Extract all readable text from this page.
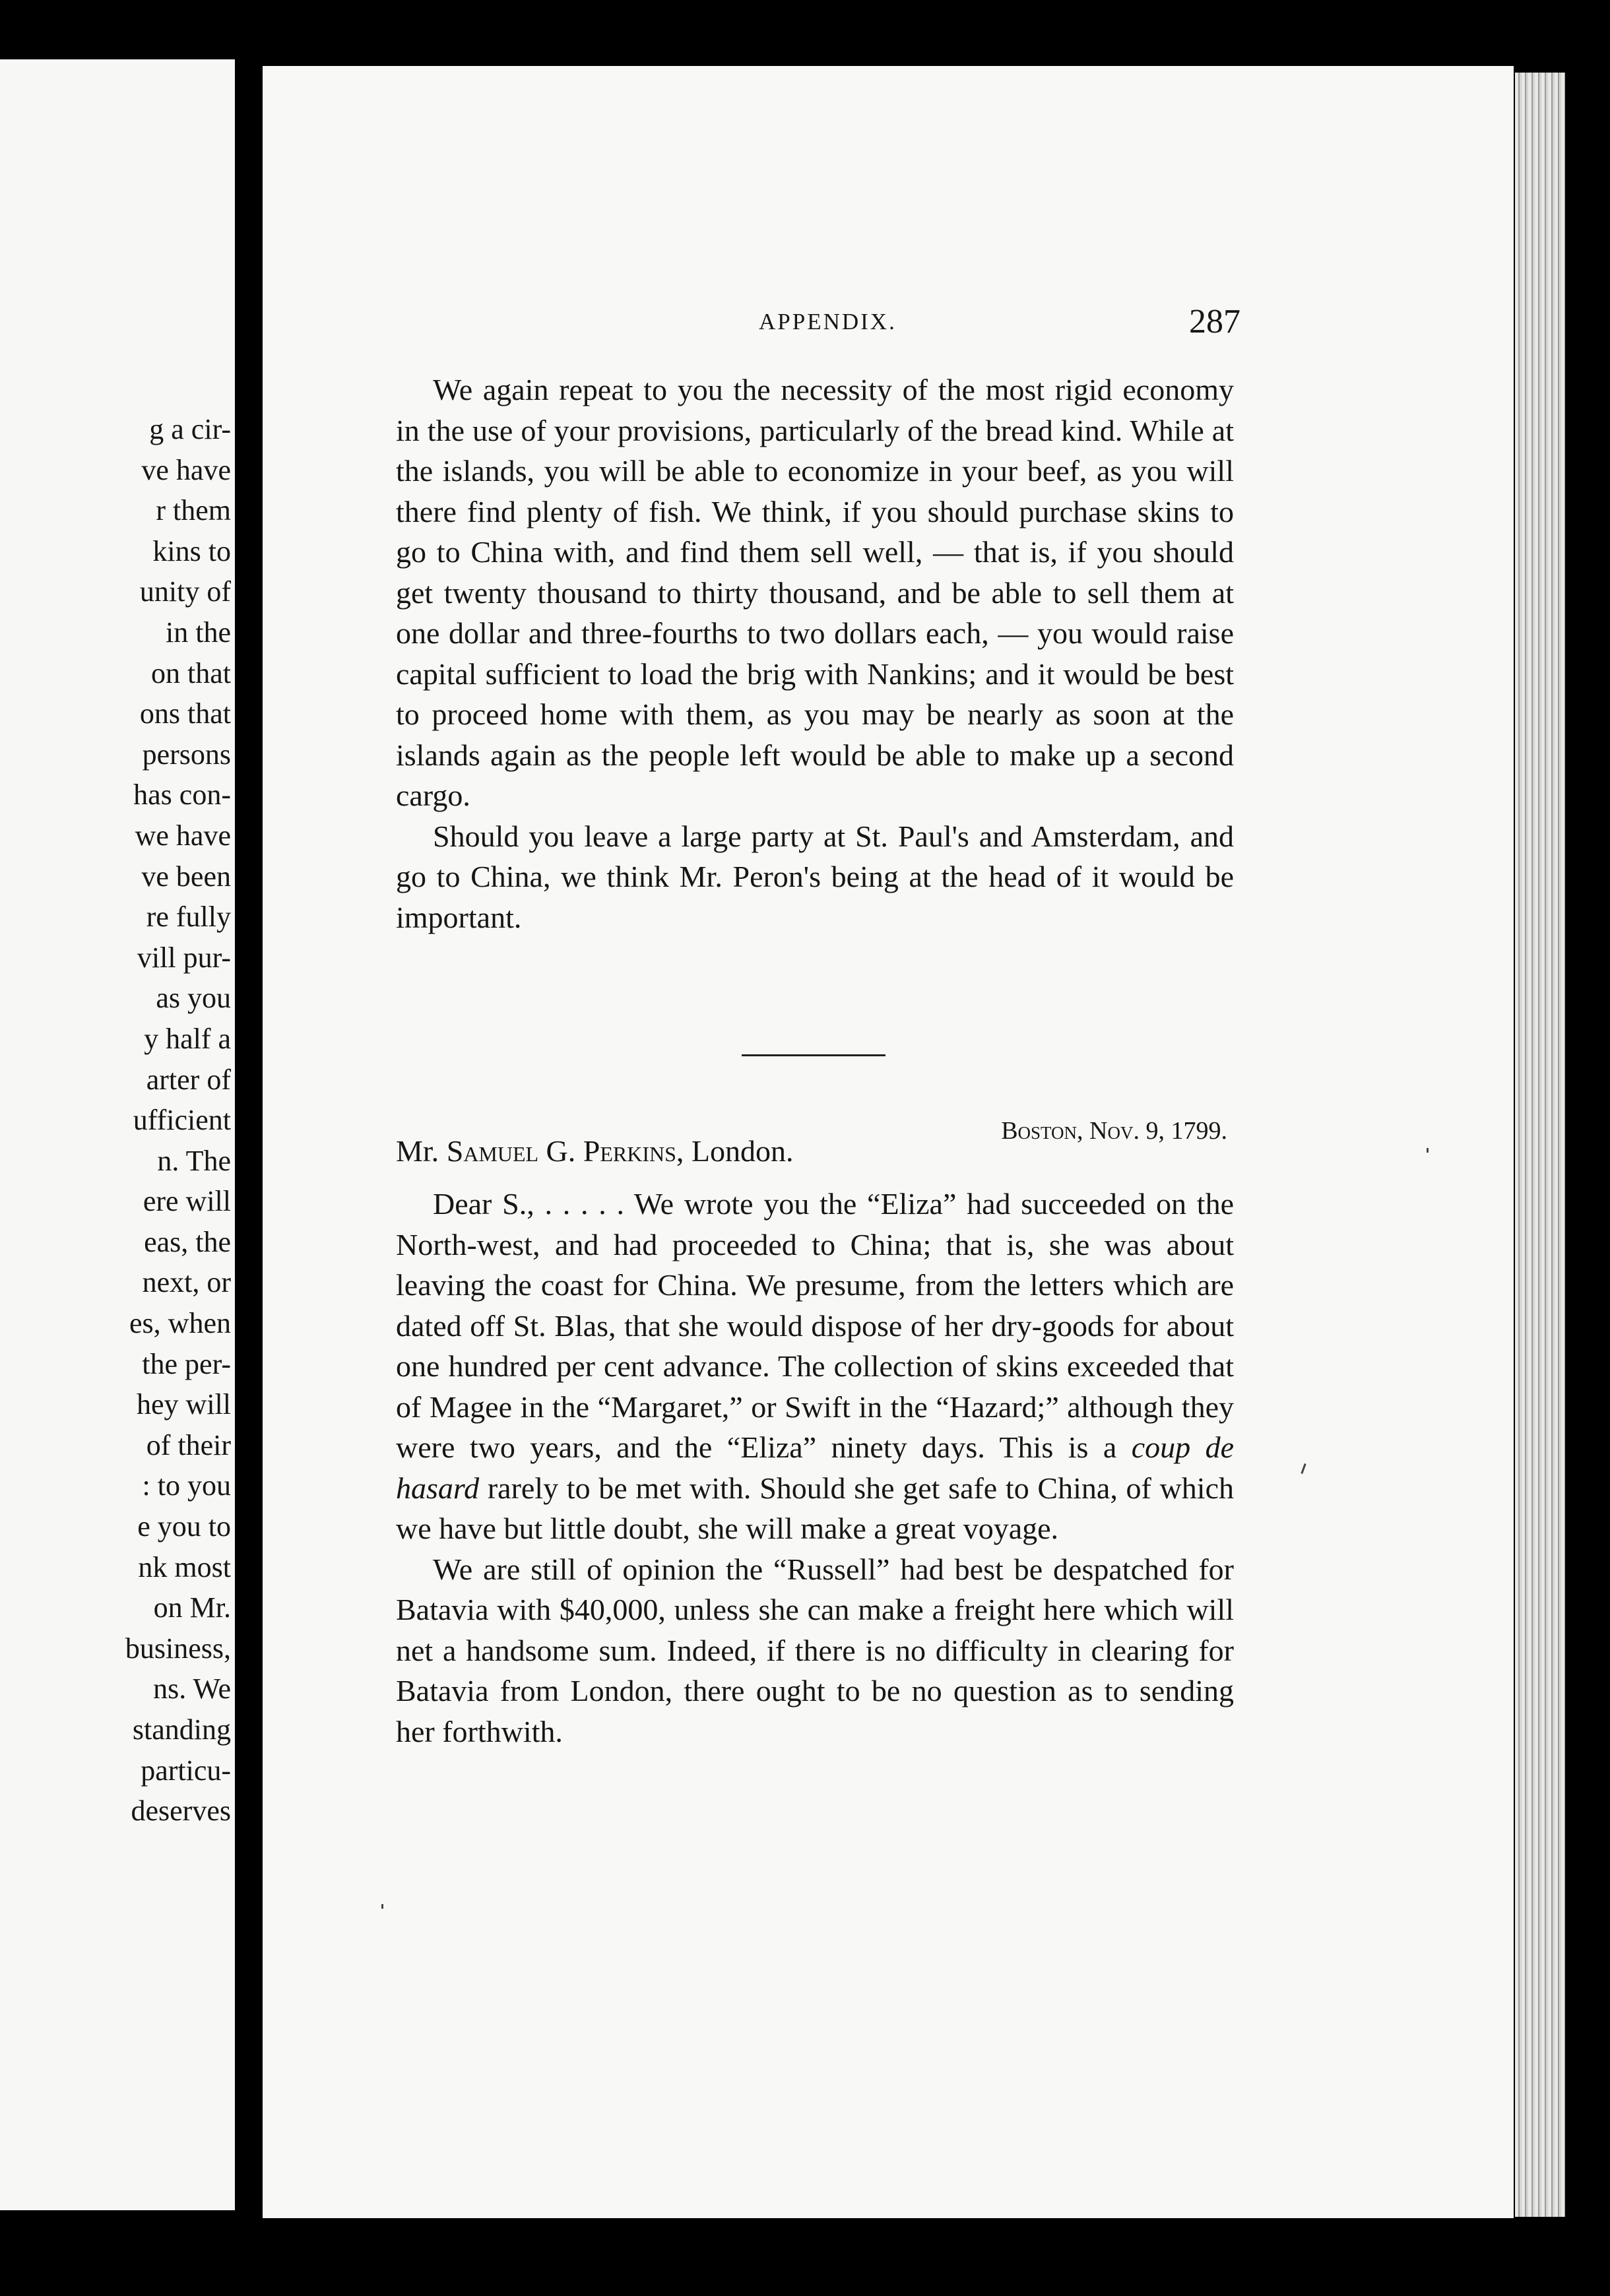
g a cir-
ve have
r them
kins to
unity of
in the
on that
ons that
persons
has con-
we have
ve been
re fully
vill pur-
as you
y half a
arter of
ufficient
n. The
ere will
eas, the
next, or
es, when
the per-
hey will
of their
: to you
e you to
nk most
on Mr.
business,
ns. We
standing
particu-
deserves
APPENDIX.	287

We again repeat to you the necessity of the most rigid economy in the use of your provisions, particularly of the bread kind. While at the islands, you will be able to economize in your beef, as you will there find plenty of fish. We think, if you should purchase skins to go to China with, and find them sell well, — that is, if you should get twenty thousand to thirty thousand, and be able to sell them at one dollar and three-fourths to two dollars each, — you would raise capital sufficient to load the brig with Nankins; and it would be best to proceed home with them, as you may be nearly as soon at the islands again as the people left would be able to make up a second cargo.

Should you leave a large party at St. Paul's and Amsterdam, and go to China, we think Mr. Peron's being at the head of it would be important.

Boston, Nov. 9, 1799.
Mr. Samuel G. Perkins, London.

Dear S., . . . . . We wrote you the “Eliza” had succeeded on the North-west, and had proceeded to China; that is, she was about leaving the coast for China. We presume, from the letters which are dated off St. Blas, that she would dispose of her dry-goods for about one hundred per cent advance. The collection of skins exceeded that of Magee in the “Margaret,” or Swift in the “Hazard;” although they were two years, and the “Eliza” ninety days. This is a coup de hasard rarely to be met with. Should she get safe to China, of which we have but little doubt, she will make a great voyage.

We are still of opinion the “Russell” had best be despatched for Batavia with $40,000, unless she can make a freight here which will net a handsome sum. Indeed, if there is no difficulty in clearing for Batavia from London, there ought to be no question as to sending her forthwith.
